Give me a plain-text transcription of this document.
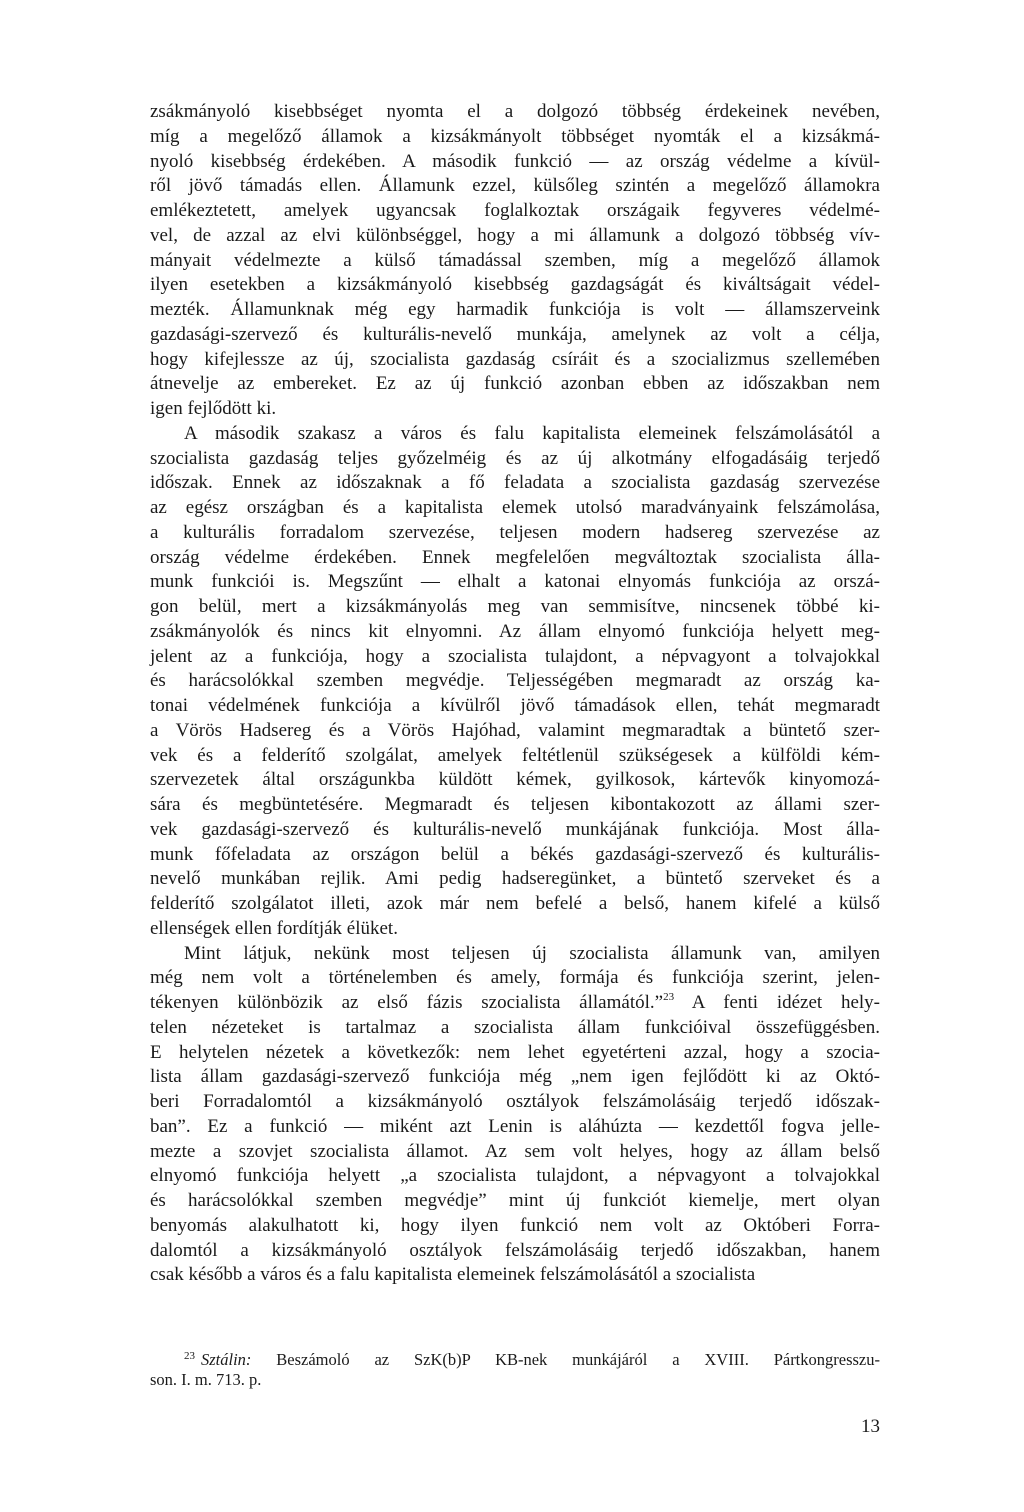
zsákmányoló kisebbséget nyomta el a dolgozó többség érdekeinek nevében,
míg a megelőző államok a kizsákmányolt többséget nyomták el a kizsákmá-
nyoló kisebbség érdekében. A második funkció — az ország védelme a kívül-
ről jövő támadás ellen. Államunk ezzel, külsőleg szintén a megelőző államokra
emlékeztetett, amelyek ugyancsak foglalkoztak országaik fegyveres védelmé-
vel, de azzal az elvi különbséggel, hogy a mi államunk a dolgozó többség vív-
mányait védelmezte a külső támadással szemben, míg a megelőző államok
ilyen esetekben a kizsákmányoló kisebbség gazdagságát és kiváltságait védel-
mezték. Államunknak még egy harmadik funkciója is volt — államszerveink
gazdasági-szervező és kulturális-nevelő munkája, amelynek az volt a célja,
hogy kifejlessze az új, szocialista gazdaság csíráit és a szocializmus szellemében
átnevelje az embereket. Ez az új funkció azonban ebben az időszakban nem
igen fejlődött ki.
A második szakasz a város és falu kapitalista elemeinek felszámolásától a
szocialista gazdaság teljes győzelméig és az új alkotmány elfogadásáig terjedő
időszak. Ennek az időszaknak a fő feladata a szocialista gazdaság szervezése
az egész országban és a kapitalista elemek utolsó maradványaink felszámolása,
a kulturális forradalom szervezése, teljesen modern hadsereg szervezése az
ország védelme érdekében. Ennek megfelelően megváltoztak szocialista álla-
munk funkciói is. Megszűnt — elhalt a katonai elnyomás funkciója az orszá-
gon belül, mert a kizsákmányolás meg van semmisítve, nincsenek többé ki-
zsákmányolók és nincs kit elnyomni. Az állam elnyomó funkciója helyett meg-
jelent az a funkciója, hogy a szocialista tulajdont, a népvagyont a tolvajokkal
és harácsolókkal szemben megvédje. Teljességében megmaradt az ország ka-
tonai védelmének funkciója a kívülről jövő támadások ellen, tehát megmaradt
a Vörös Hadsereg és a Vörös Hajóhad, valamint megmaradtak a büntető szer-
vek és a felderítő szolgálat, amelyek feltétlenül szükségesek a külföldi kém-
szervezetek által országunkba küldött kémek, gyilkosok, kártevők kinyomozá-
sára és megbüntetésére. Megmaradt és teljesen kibontakozott az állami szer-
vek gazdasági-szervező és kulturális-nevelő munkájának funkciója. Most álla-
munk főfeladata az országon belül a békés gazdasági-szervező és kulturális-
nevelő munkában rejlik. Ami pedig hadseregünket, a büntető szerveket és a
felderítő szolgálatot illeti, azok már nem befelé a belső, hanem kifelé a külső
ellenségek ellen fordítják élüket.
Mint látjuk, nekünk most teljesen új szocialista államunk van, amilyen
még nem volt a történelemben és amely, formája és funkciója szerint, jelen-
tékenyen különbözik az első fázis szocialista államától.”$^{23}$ A fenti idézet hely-
telen nézeteket is tartalmaz a szocialista állam funkcióival összefüggésben.
E helytelen nézetek a következők: nem lehet egyetérteni azzal, hogy a szocia-
lista állam gazdasági-szervező funkciója még „nem igen fejlődött ki az Októ-
beri Forradalomtól a kizsákmányoló osztályok felszámolásáig terjedő időszak-
ban”. Ez a funkció — miként azt Lenin is aláhúzta — kezdettől fogva jelle-
mezte a szovjet szocialista államot. Az sem volt helyes, hogy az állam belső
elnyomó funkciója helyett „a szocialista tulajdont, a népvagyont a tolvajokkal
és harácsolókkal szemben megvédje” mint új funkciót kiemelje, mert olyan
benyomás alakulhatott ki, hogy ilyen funkció nem volt az Októberi Forra-
dalomtól a kizsákmányoló osztályok felszámolásáig terjedő időszakban, hanem
csak később a város és a falu kapitalista elemeinek felszámolásától a szocialista
$^{23}$ Sztálin: Beszámoló az SzK(b)P KB-nek munkájáról a XVIII. Pártkongresszu-
son. I. m. 713. p.
13
